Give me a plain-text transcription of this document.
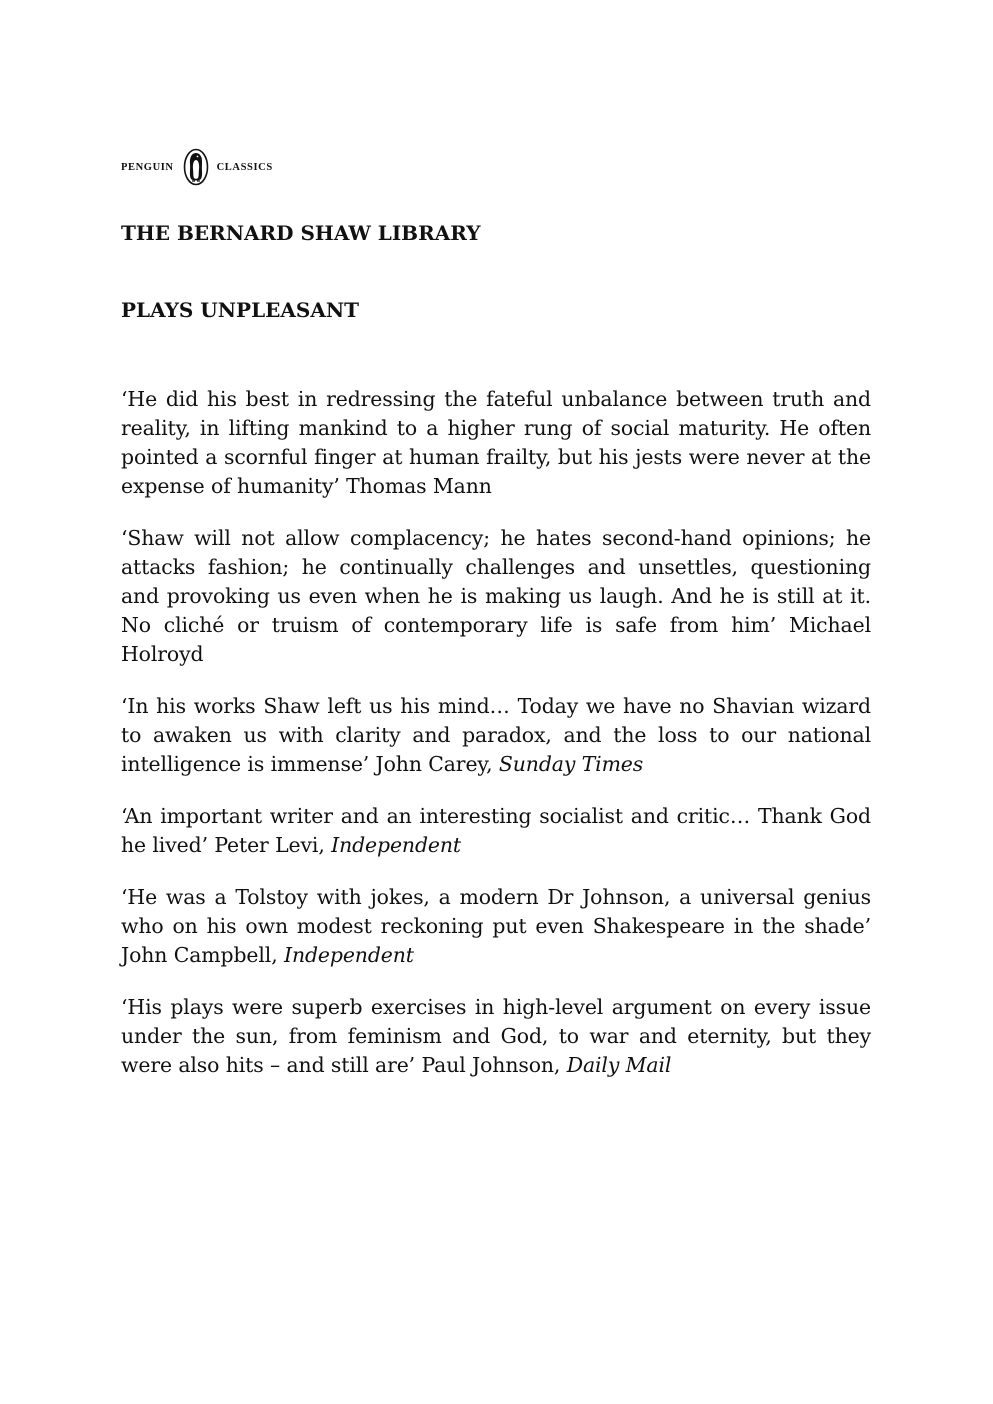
PENGUIN	CLASSICS
THE BERNARD SHAW LIBRARY
PLAYS UNPLEASANT

‘He did his best in redressing the fateful unbalance between truth and reality, in lifting mankind to a higher rung of social maturity. He often pointed a scornful finger at human frailty, but his jests were never at the expense of humanity’ Thomas Mann

‘Shaw will not allow complacency; he hates second-hand opinions; he attacks fashion; he continually challenges and unsettles, questioning and provoking us even when he is making us laugh. And he is still at it. No cliché or truism of contemporary life is safe from him’ Michael Holroyd

‘In his works Shaw left us his mind… Today we have no Shavian wizard to awaken us with clarity and paradox, and the loss to our national intelligence is immense’ John Carey, Sunday Times

‘An important writer and an interesting socialist and critic… Thank God he lived’ Peter Levi, Independent

‘He was a Tolstoy with jokes, a modern Dr Johnson, a universal genius who on his own modest reckoning put even Shakespeare in the shade’ John Campbell, Independent

‘His plays were superb exercises in high-level argument on every issue under the sun, from feminism and God, to war and eternity, but they were also hits – and still are’ Paul Johnson, Daily Mail
